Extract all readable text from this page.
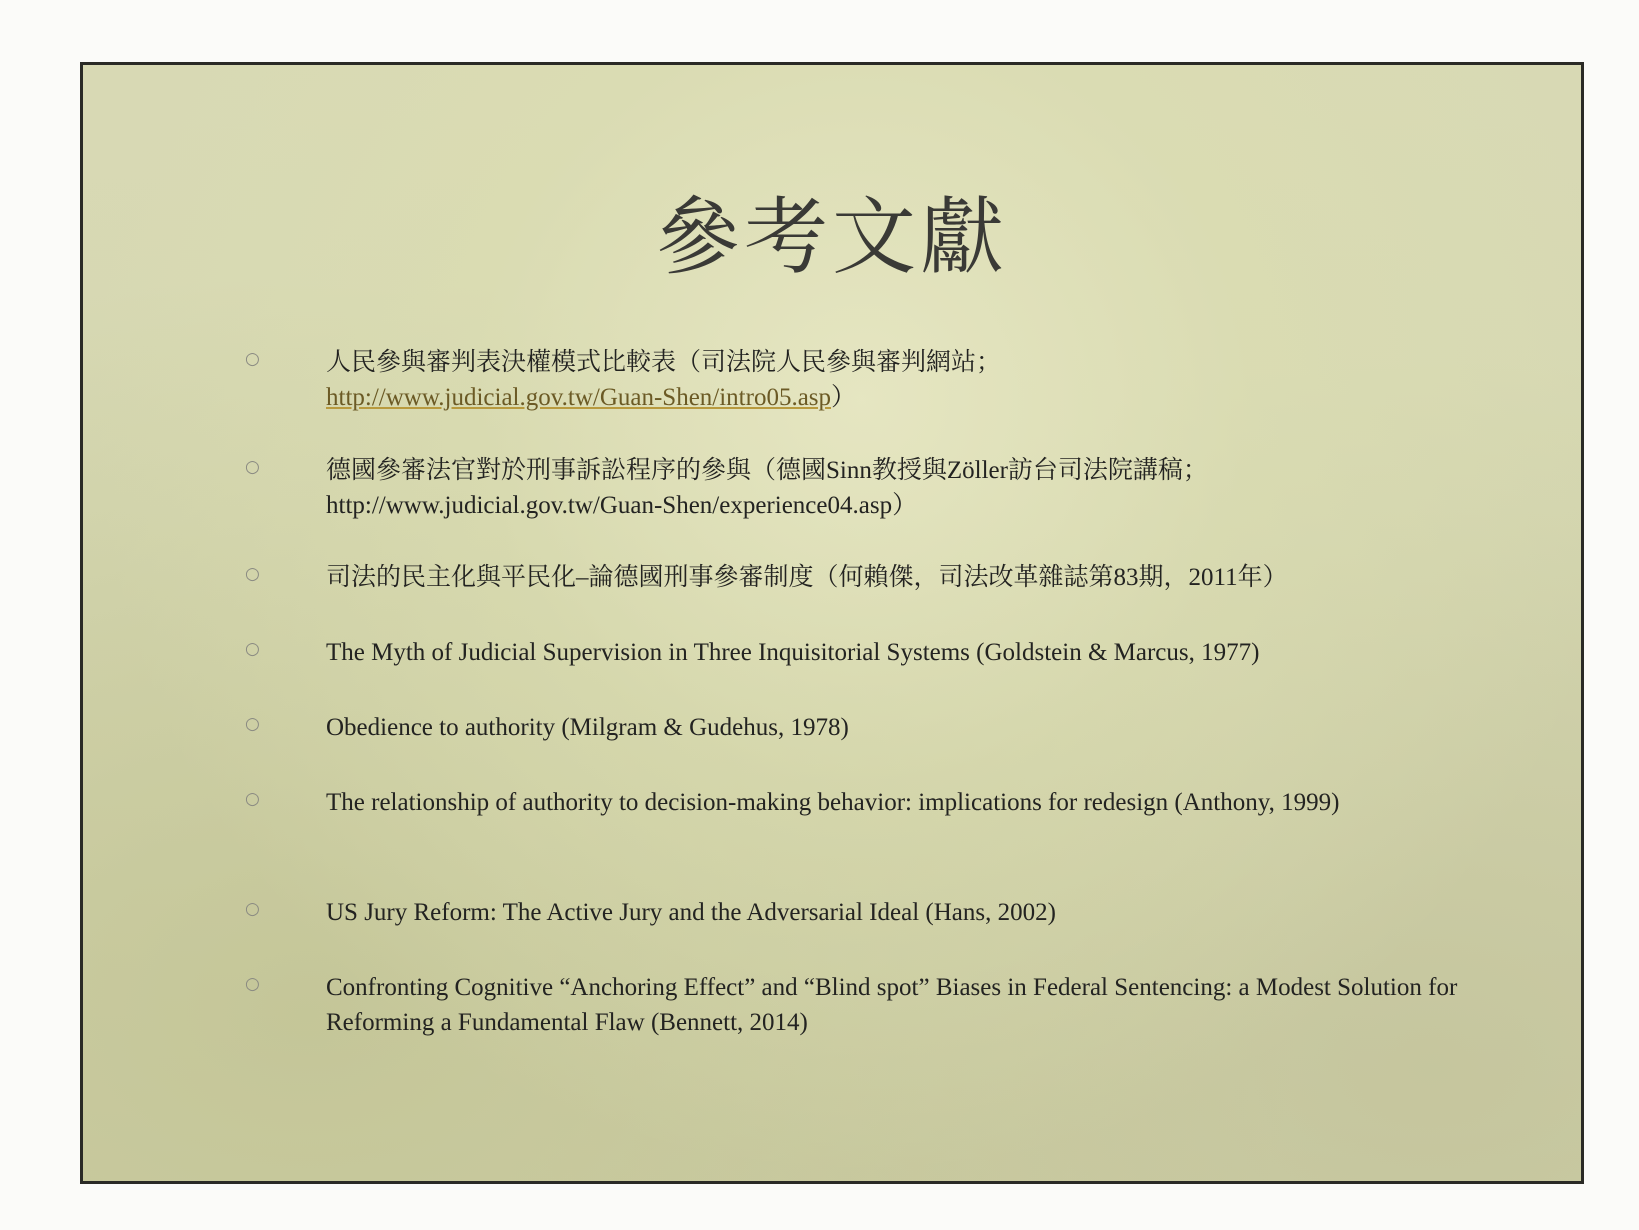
參考文獻
○	人民參與審判表決權模式比較表（司法院人民參與審判網站；
http://www.judicial.gov.tw/Guan-Shen/intro05.asp）
○	德國參審法官對於刑事訴訟程序的參與（德國Sinn教授與Zöller訪台司法院講稿；
http://www.judicial.gov.tw/Guan-Shen/experience04.asp）
○	司法的民主化與平民化–論德國刑事參審制度（何賴傑，司法改革雜誌第83期，2011年）
○	The Myth of Judicial Supervision in Three Inquisitorial Systems (Goldstein & Marcus, 1977)
○	Obedience to authority (Milgram & Gudehus, 1978)
○	The relationship of authority to decision-making behavior: implications for redesign (Anthony, 1999)
○	US Jury Reform: The Active Jury and the Adversarial Ideal (Hans, 2002)
○	Confronting Cognitive “Anchoring Effect” and “Blind spot” Biases in Federal Sentencing: a Modest Solution for Reforming a Fundamental Flaw (Bennett, 2014)
